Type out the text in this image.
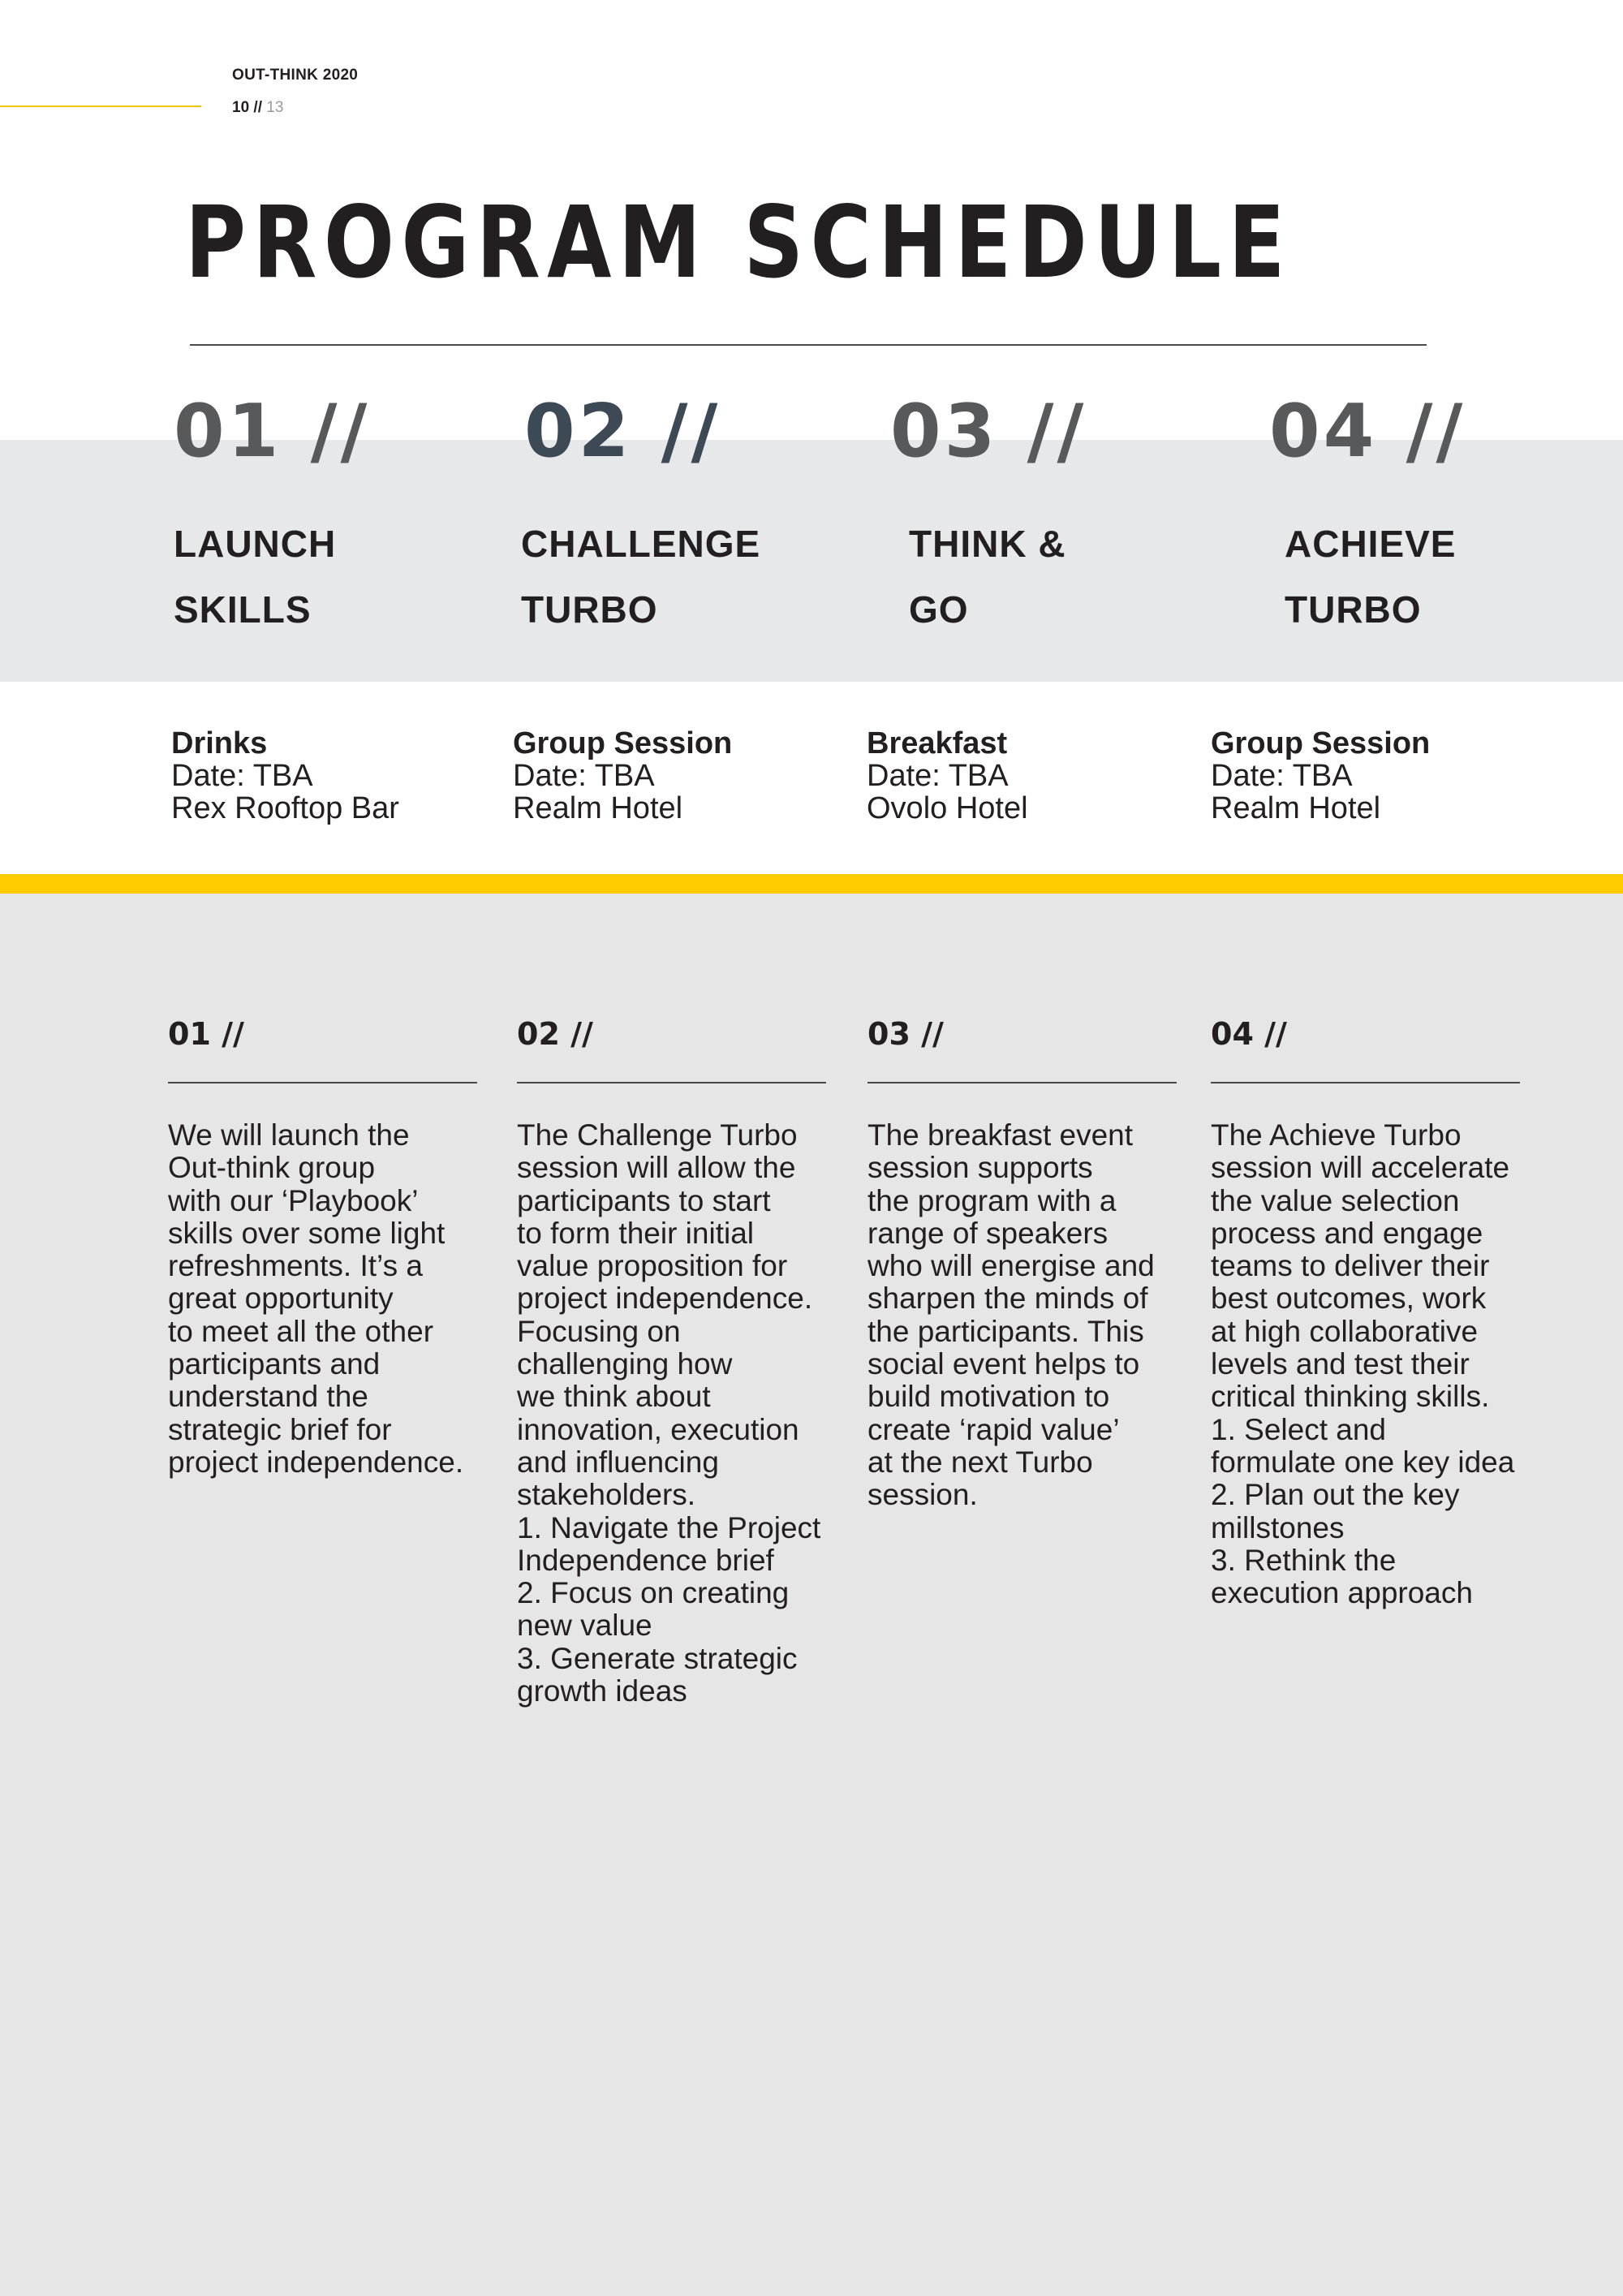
OUT-THINK 2020
10 // 13
PROGRAM SCHEDULE
01 // 02 // 03 // 04 //
LAUNCH
SKILLS
CHALLENGE
TURBO
THINK &
GO
ACHIEVE
TURBO
Drinks
Date: TBA
Rex Rooftop Bar
Group Session
Date: TBA
Realm Hotel
Breakfast
Date: TBA
Ovolo Hotel
Group Session
Date: TBA
Realm Hotel
01 //	02 //	03 //	04 //
We will launch the
Out-think group
with our ‘Playbook’
skills over some light
refreshments. It’s a
great opportunity
to meet all the other
participants and
understand the
strategic brief for
project independence.
The Challenge Turbo
session will allow the
participants to start
to form their initial
value proposition for
project independence.
Focusing on
challenging how
we think about
innovation, execution
and influencing
stakeholders.
1. Navigate the Project
Independence brief
2. Focus on creating
new value
3. Generate strategic
growth ideas
The breakfast event
session supports
the program with a
range of speakers
who will energise and
sharpen the minds of
the participants. This
social event helps to
build motivation to
create ‘rapid value’
at the next Turbo
session.
The Achieve Turbo
session will accelerate
the value selection
process and engage
teams to deliver their
best outcomes, work
at high collaborative
levels and test their
critical thinking skills.
1. Select and
formulate one key idea
2. Plan out the key
millstones
3. Rethink the
execution approach
